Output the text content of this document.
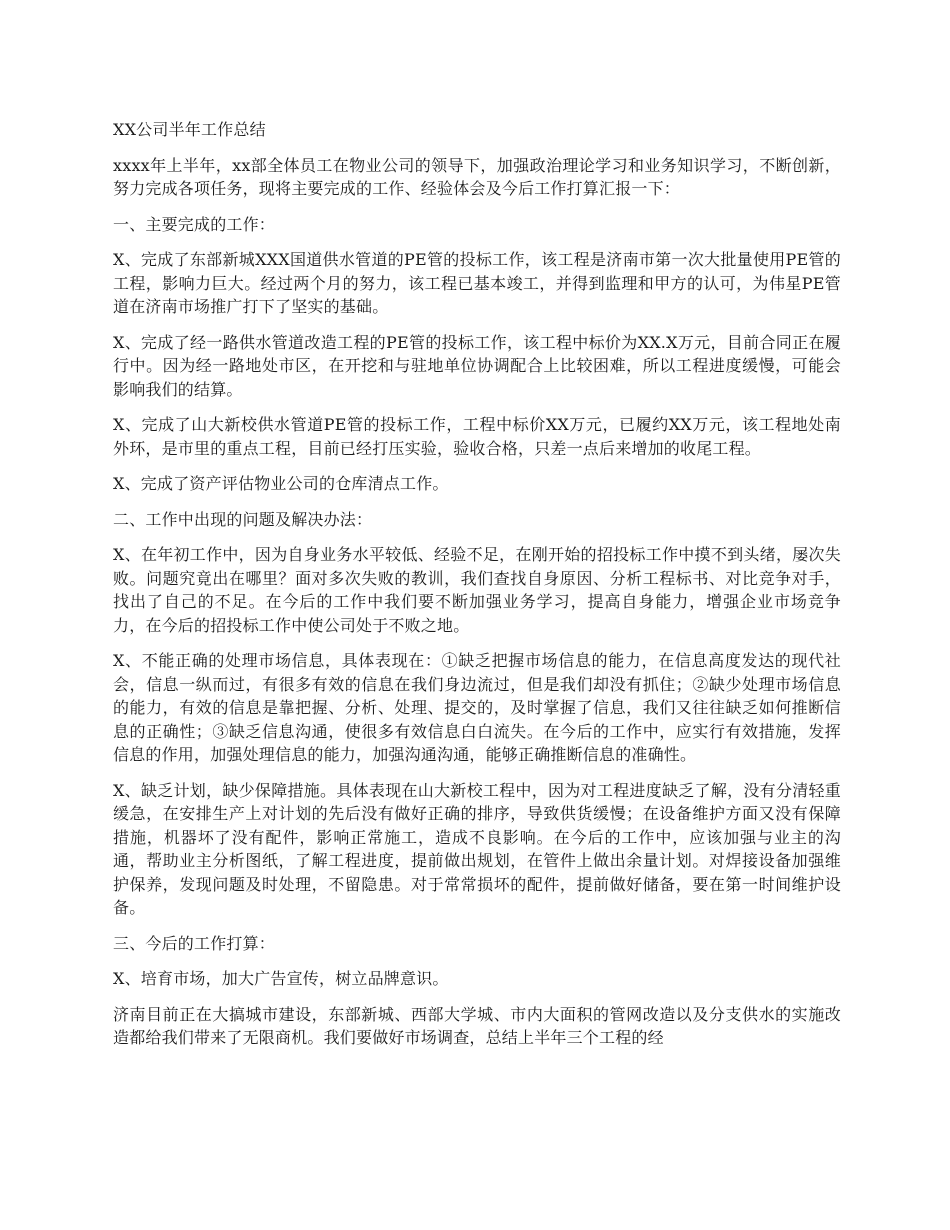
XX公司半年工作总结

xxxx年上半年，xx部全体员工在物业公司的领导下，加强政治理论学习和业务知识学习，不断创新，努力完成各项任务，现将主要完成的工作、经验体会及今后工作打算汇报一下：

一、主要完成的工作：

X、完成了东部新城XXX国道供水管道的PE管的投标工作，该工程是济南市第一次大批量使用PE管的工程，影响力巨大。经过两个月的努力，该工程已基本竣工，并得到监理和甲方的认可，为伟星PE管道在济南市场推广打下了坚实的基础。

X、完成了经一路供水管道改造工程的PE管的投标工作，该工程中标价为XX.X万元，目前合同正在履行中。因为经一路地处市区，在开挖和与驻地单位协调配合上比较困难，所以工程进度缓慢，可能会影响我们的结算。

X、完成了山大新校供水管道PE管的投标工作，工程中标价XX万元，已履约XX万元，该工程地处南外环，是市里的重点工程，目前已经打压实验，验收合格，只差一点后来增加的收尾工程。

X、完成了资产评估物业公司的仓库清点工作。

二、工作中出现的问题及解决办法：

X、在年初工作中，因为自身业务水平较低、经验不足，在刚开始的招投标工作中摸不到头绪，屡次失败。问题究竟出在哪里？面对多次失败的教训，我们查找自身原因、分析工程标书、对比竞争对手，找出了自己的不足。在今后的工作中我们要不断加强业务学习，提高自身能力，增强企业市场竞争力，在今后的招投标工作中使公司处于不败之地。

X、不能正确的处理市场信息，具体表现在：①缺乏把握市场信息的能力，在信息高度发达的现代社会，信息一纵而过，有很多有效的信息在我们身边流过，但是我们却没有抓住；②缺少处理市场信息的能力，有效的信息是靠把握、分析、处理、提交的，及时掌握了信息，我们又往往缺乏如何推断信息的正确性；③缺乏信息沟通，使很多有效信息白白流失。在今后的工作中，应实行有效措施，发挥信息的作用，加强处理信息的能力，加强沟通沟通，能够正确推断信息的准确性。

X、缺乏计划，缺少保障措施。具体表现在山大新校工程中，因为对工程进度缺乏了解，没有分清轻重缓急，在安排生产上对计划的先后没有做好正确的排序，导致供货缓慢；在设备维护方面又没有保障措施，机器坏了没有配件，影响正常施工，造成不良影响。在今后的工作中，应该加强与业主的沟通，帮助业主分析图纸，了解工程进度，提前做出规划，在管件上做出余量计划。对焊接设备加强维护保养，发现问题及时处理，不留隐患。对于常常损坏的配件，提前做好储备，要在第一时间维护设备。

三、今后的工作打算：

X、培育市场，加大广告宣传，树立品牌意识。

济南目前正在大搞城市建设，东部新城、西部大学城、市内大面积的管网改造以及分支供水的实施改造都给我们带来了无限商机。我们要做好市场调查，总结上半年三个工程的经
